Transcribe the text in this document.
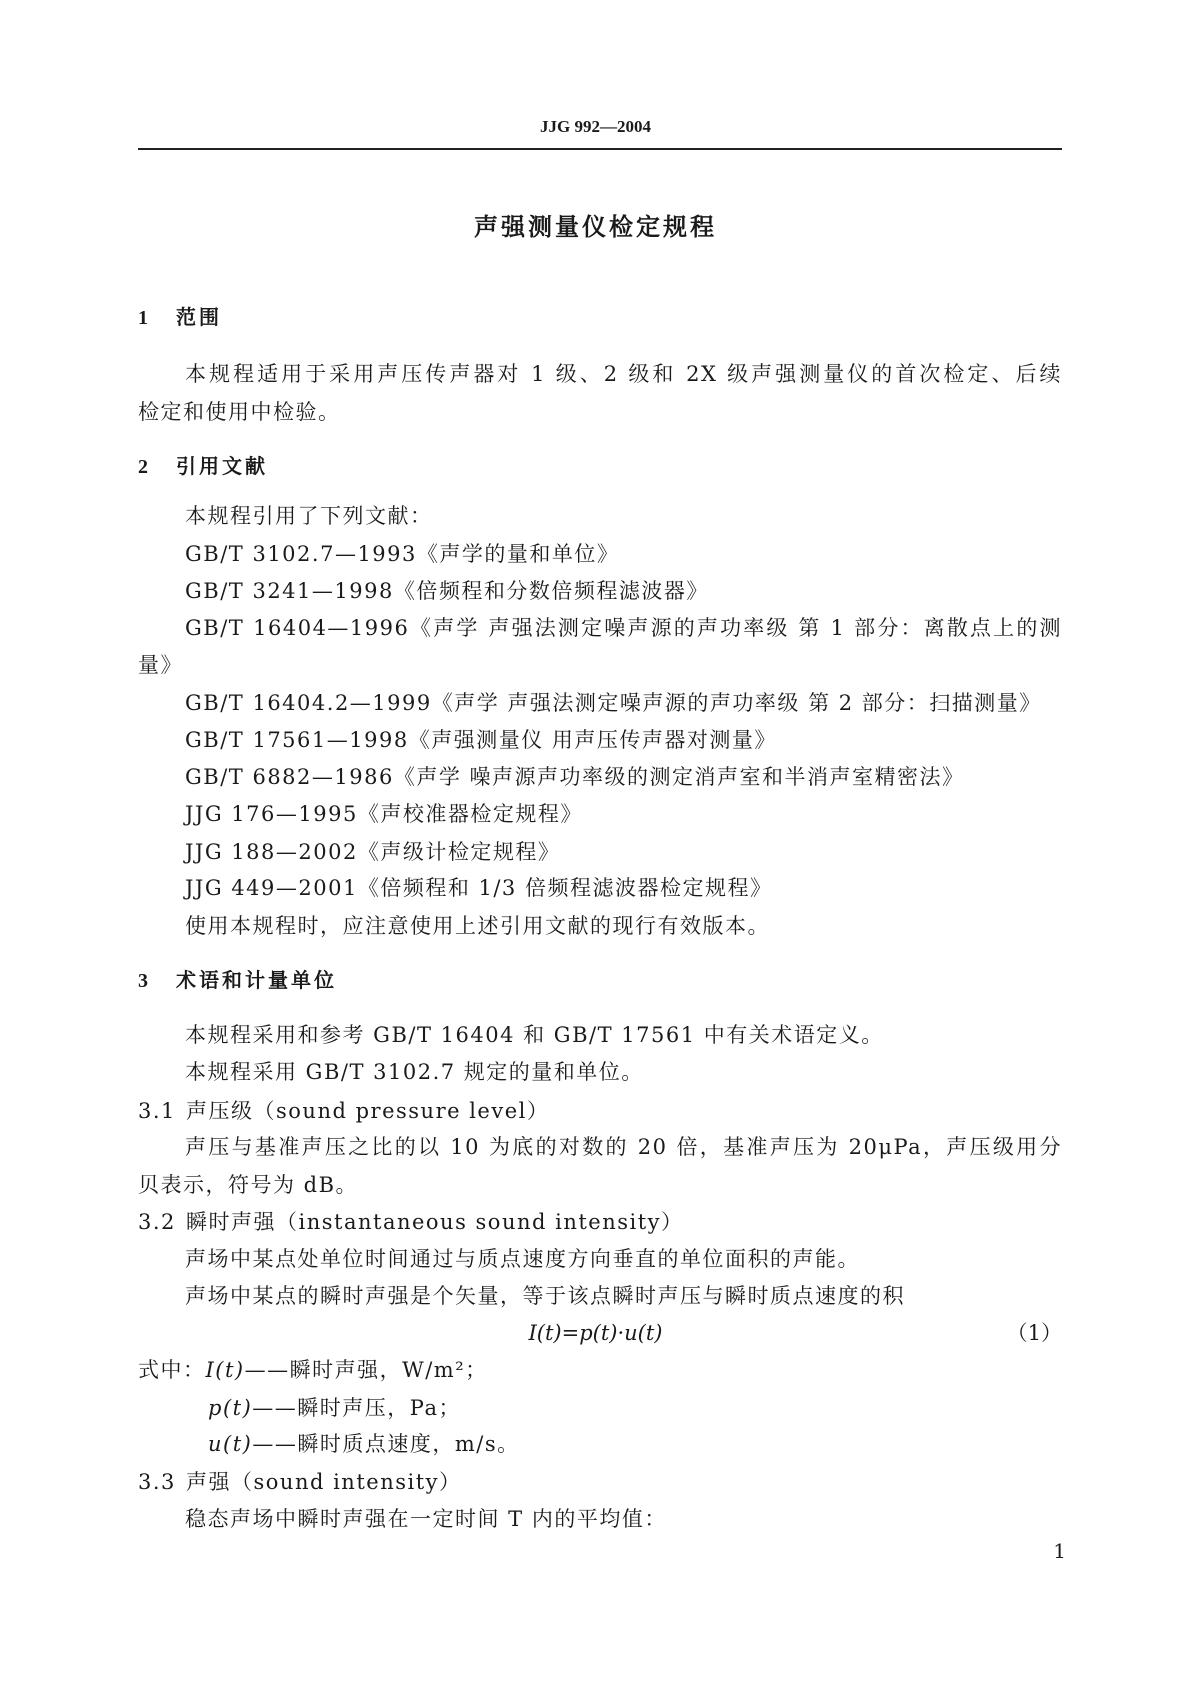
JJG 992—2004
声强测量仪检定规程
1 范围
本规程适用于采用声压传声器对 1 级、2 级和 2X 级声强测量仪的首次检定、后续
检定和使用中检验。
2 引用文献
本规程引用了下列文献：
GB/T 3102.7—1993《声学的量和单位》
GB/T 3241—1998《倍频程和分数倍频程滤波器》
GB/T 16404—1996《声学 声强法测定噪声源的声功率级 第 1 部分：离散点上的测
量》
GB/T 16404.2—1999《声学 声强法测定噪声源的声功率级 第 2 部分：扫描测量》
GB/T 17561—1998《声强测量仪 用声压传声器对测量》
GB/T 6882—1986《声学 噪声源声功率级的测定消声室和半消声室精密法》
JJG 176—1995《声校准器检定规程》
JJG 188—2002《声级计检定规程》
JJG 449—2001《倍频程和 1/3 倍频程滤波器检定规程》
使用本规程时，应注意使用上述引用文献的现行有效版本。
3 术语和计量单位
本规程采用和参考 GB/T 16404 和 GB/T 17561 中有关术语定义。
本规程采用 GB/T 3102.7 规定的量和单位。
3.1 声压级（sound pressure level）
声压与基准声压之比的以 10 为底的对数的 20 倍，基准声压为 20μPa，声压级用分
贝表示，符号为 dB。
3.2 瞬时声强（instantaneous sound intensity）
声场中某点处单位时间通过与质点速度方向垂直的单位面积的声能。
声场中某点的瞬时声强是个矢量，等于该点瞬时声压与瞬时质点速度的积
I(t)=p(t)·u(t)	（1）
式中：I(t)——瞬时声强，W/m²；
p(t)——瞬时声压，Pa；
u(t)——瞬时质点速度，m/s。
3.3 声强（sound intensity）
稳态声场中瞬时声强在一定时间 T 内的平均值：
1
